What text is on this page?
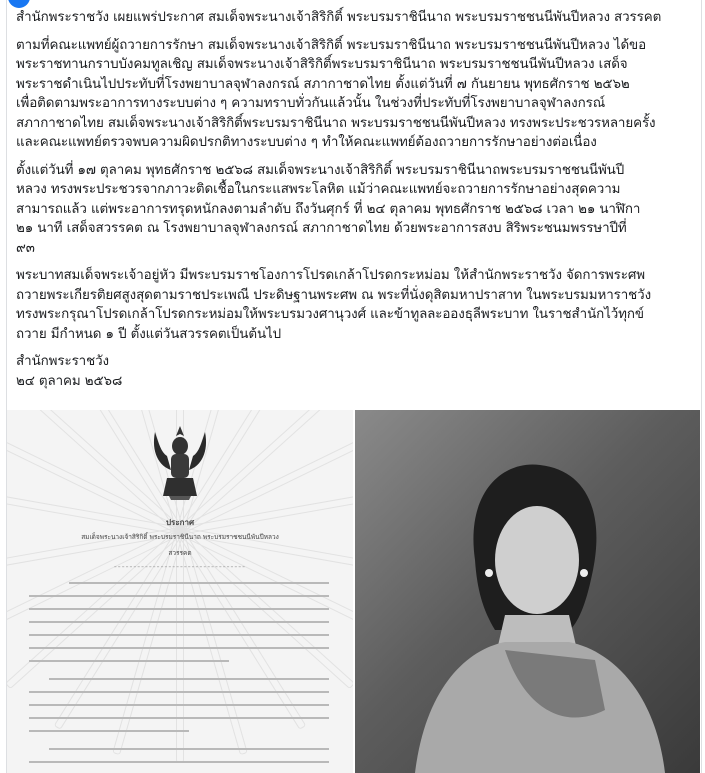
สำนักพระราชวัง เผยแพร่ประกาศ สมเด็จพระนางเจ้าสิริกิติ์ พระบรมราชินีนาถ พระบรมราชชนนีพันปีหลวง สวรรคต
ตามที่คณะแพทย์ผู้ถวายการรักษา สมเด็จพระนางเจ้าสิริกิติ์ พระบรมราชินีนาถ พระบรมราชชนนีพันปีหลวง ได้ขอ
พระราชทานกราบบังคมทูลเชิญ สมเด็จพระนางเจ้าสิริกิติ์พระบรมราชินีนาถ พระบรมราชชนนีพันปีหลวง เสด็จ
พระราชดำเนินไปประทับที่โรงพยาบาลจุฬาลงกรณ์ สภากาชาดไทย ตั้งแต่วันที่ ๗ กันยายน พุทธศักราช ๒๕๖๒
เพื่อติดตามพระอาการทางระบบต่าง ๆ ความทราบทั่วกันแล้วนั้น ในช่วงที่ประทับที่โรงพยาบาลจุฬาลงกรณ์
สภากาชาดไทย สมเด็จพระนางเจ้าสิริกิติ์พระบรมราชินีนาถ พระบรมราชชนนีพันปีหลวง ทรงพระประชวรหลายครั้ง
และคณะแพทย์ตรวจพบความผิดปรกติทางระบบต่าง ๆ ทำให้คณะแพทย์ต้องถวายการรักษาอย่างต่อเนื่อง
ตั้งแต่วันที่ ๑๗ ตุลาคม พุทธศักราช ๒๕๖๘ สมเด็จพระนางเจ้าสิริกิติ์ พระบรมราชินีนาถพระบรมราชชนนีพันปี
หลวง ทรงพระประชวรจากภาวะติดเชื้อในกระแสพระโลหิต แม้ว่าคณะแพทย์จะถวายการรักษาอย่างสุดความ
สามารถแล้ว แต่พระอาการทรุดหนักลงตามลำดับ ถึงวันศุกร์ ที่ ๒๔ ตุลาคม พุทธศักราช ๒๕๖๘ เวลา ๒๑ นาฬิกา
๒๑ นาที เสด็จสวรรคต ณ โรงพยาบาลจุฬาลงกรณ์ สภากาชาดไทย ด้วยพระอาการสงบ สิริพระชนมพรรษาปีที่
๙๓
พระบาทสมเด็จพระเจ้าอยู่หัว มีพระบรมราชโองการโปรดเกล้าโปรดกระหม่อม ให้สำนักพระราชวัง จัดการพระศพ
ถวายพระเกียรติยศสูงสุดตามราชประเพณี ประดิษฐานพระศพ ณ พระที่นั่งดุสิตมหาปราสาท ในพระบรมมหาราชวัง
ทรงพระกรุณาโปรดเกล้าโปรดกระหม่อมให้พระบรมวงศานุวงศ์ และข้าทูลละอองธุลีพระบาท ในราชสำนักไว้ทุกข์
ถวาย มีกำหนด ๑ ปี ตั้งแต่วันสวรรคตเป็นต้นไป
สำนักพระราชวัง
๒๔ ตุลาคม ๒๕๖๘
ประกาศ
สมเด็จพระนางเจ้าสิริกิติ์ พระบรมราชินีนาถ พระบรมราชชนนีพันปีหลวง
สวรรคต
----------------------------------
